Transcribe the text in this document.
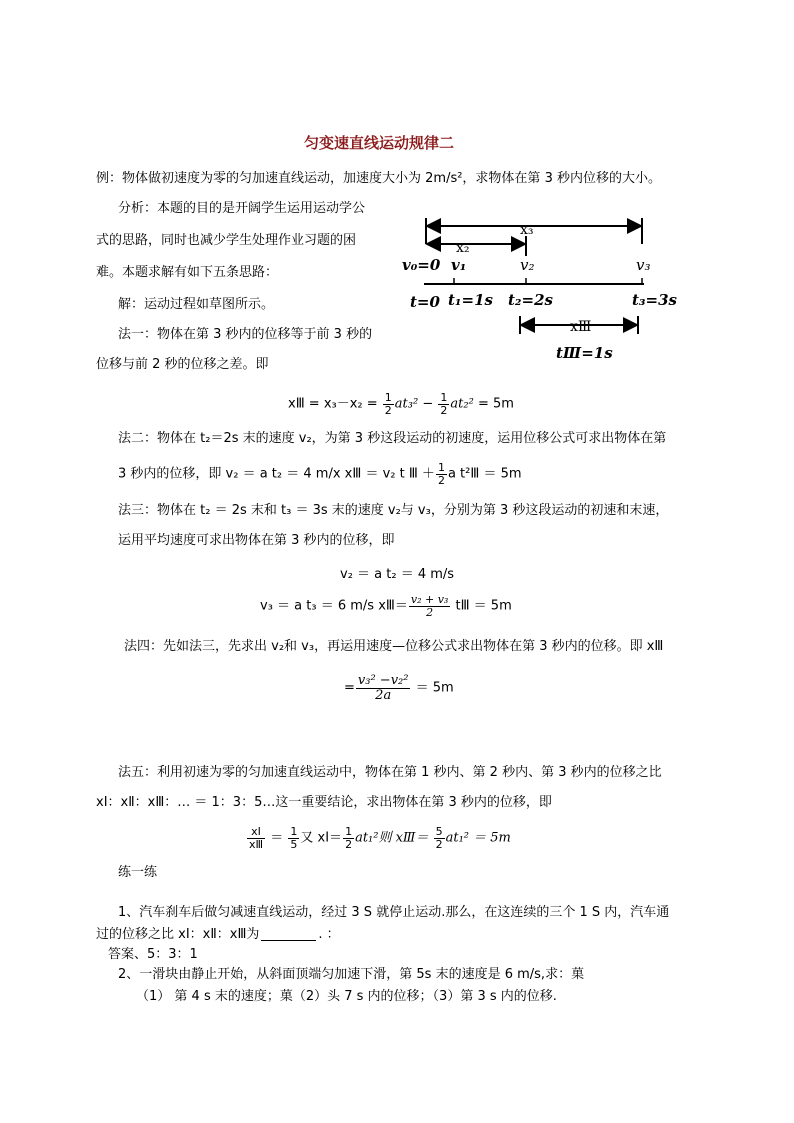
匀变速直线运动规律二
例：物体做初速度为零的匀加速直线运动，加速度大小为 2m/s²，求物体在第 3 秒内位移的大小。
分析：本题的目的是开阔学生运用运动学公
式的思路，同时也减少学生处理作业习题的困
难。本题求解有如下五条思路：
解：运动过程如草图所示。
法一：物体在第 3 秒内的位移等于前 3 秒的
位移与前 2 秒的位移之差。即
x₃
x₂
v₀=0 v₁	v₂	v₃
t=0 t₁=1s t₂=2s	t₃=3s
xⅢ
tⅢ=1s
xⅢ = $x_3-x_2 = \frac{1}{2} at_3^2 - \frac{1}{2} at_2^2 = 5m$
法二：物体在 t₂＝2s 末的速度 v₂，为第 3 秒这段运动的初速度，运用位移公式可求出物体在第
3 秒内的位移，即 v₂ ＝ a t₂ ＝ 4 m/x xⅢ ＝ v₂ t Ⅲ ＋ $\frac{1}{2}$ a t²Ⅲ ＝ 5m
法三：物体在 t₂ ＝ 2s 末和 t₃ ＝ 3s 末的速度 v₂与 v₃，分别为第 3 秒这段运动的初速和末速，
运用平均速度可求出物体在第 3 秒内的位移，即
v₂ ＝ a t₂ ＝ 4 m/s
v₃ ＝ a t₃ ＝ 6 m/s xⅢ＝ $\frac{\text{v₂ + v₃}}{2}$ tⅢ ＝ 5m
法四：先如法三，先求出 v₂和 v₃，再运用速度—位移公式求出物体在第 3 秒内的位移。即 xⅢ
= $\frac{\text{v₃² −v₂²}}{2a} = 5m$
法五：利用初速为零的匀加速直线运动中，物体在第 1 秒内、第 2 秒内、第 3 秒内的位移之比
xⅠ：xⅡ：xⅢ：… ＝ 1：3：5…这一重要结论，求出物体在第 3 秒内的位移，即
$\frac{\text{xⅠ}}{\text{xⅢ}} = \frac{1}{5}$ 又 xⅠ＝ $\frac{1}{2} at_1^2$则 xⅢ＝ $\frac{5}{2} at_1^2 = 5m$
练一练
1、汽车刹车后做匀减速直线运动，经过 3 S 就停止运动.那么，在这连续的三个 1 S 内，汽车通
过的位移之比 xⅠ：xⅡ：xⅢ为	. ：
答案、5：3：1
2、一滑块由静止开始，从斜面顶端匀加速下滑，第 5s 末的速度是 6 m/s,求：菓
（1） 第 4 s 末的速度；菓（2）头 7 s 内的位移；（3）第 3 s 内的位移.
